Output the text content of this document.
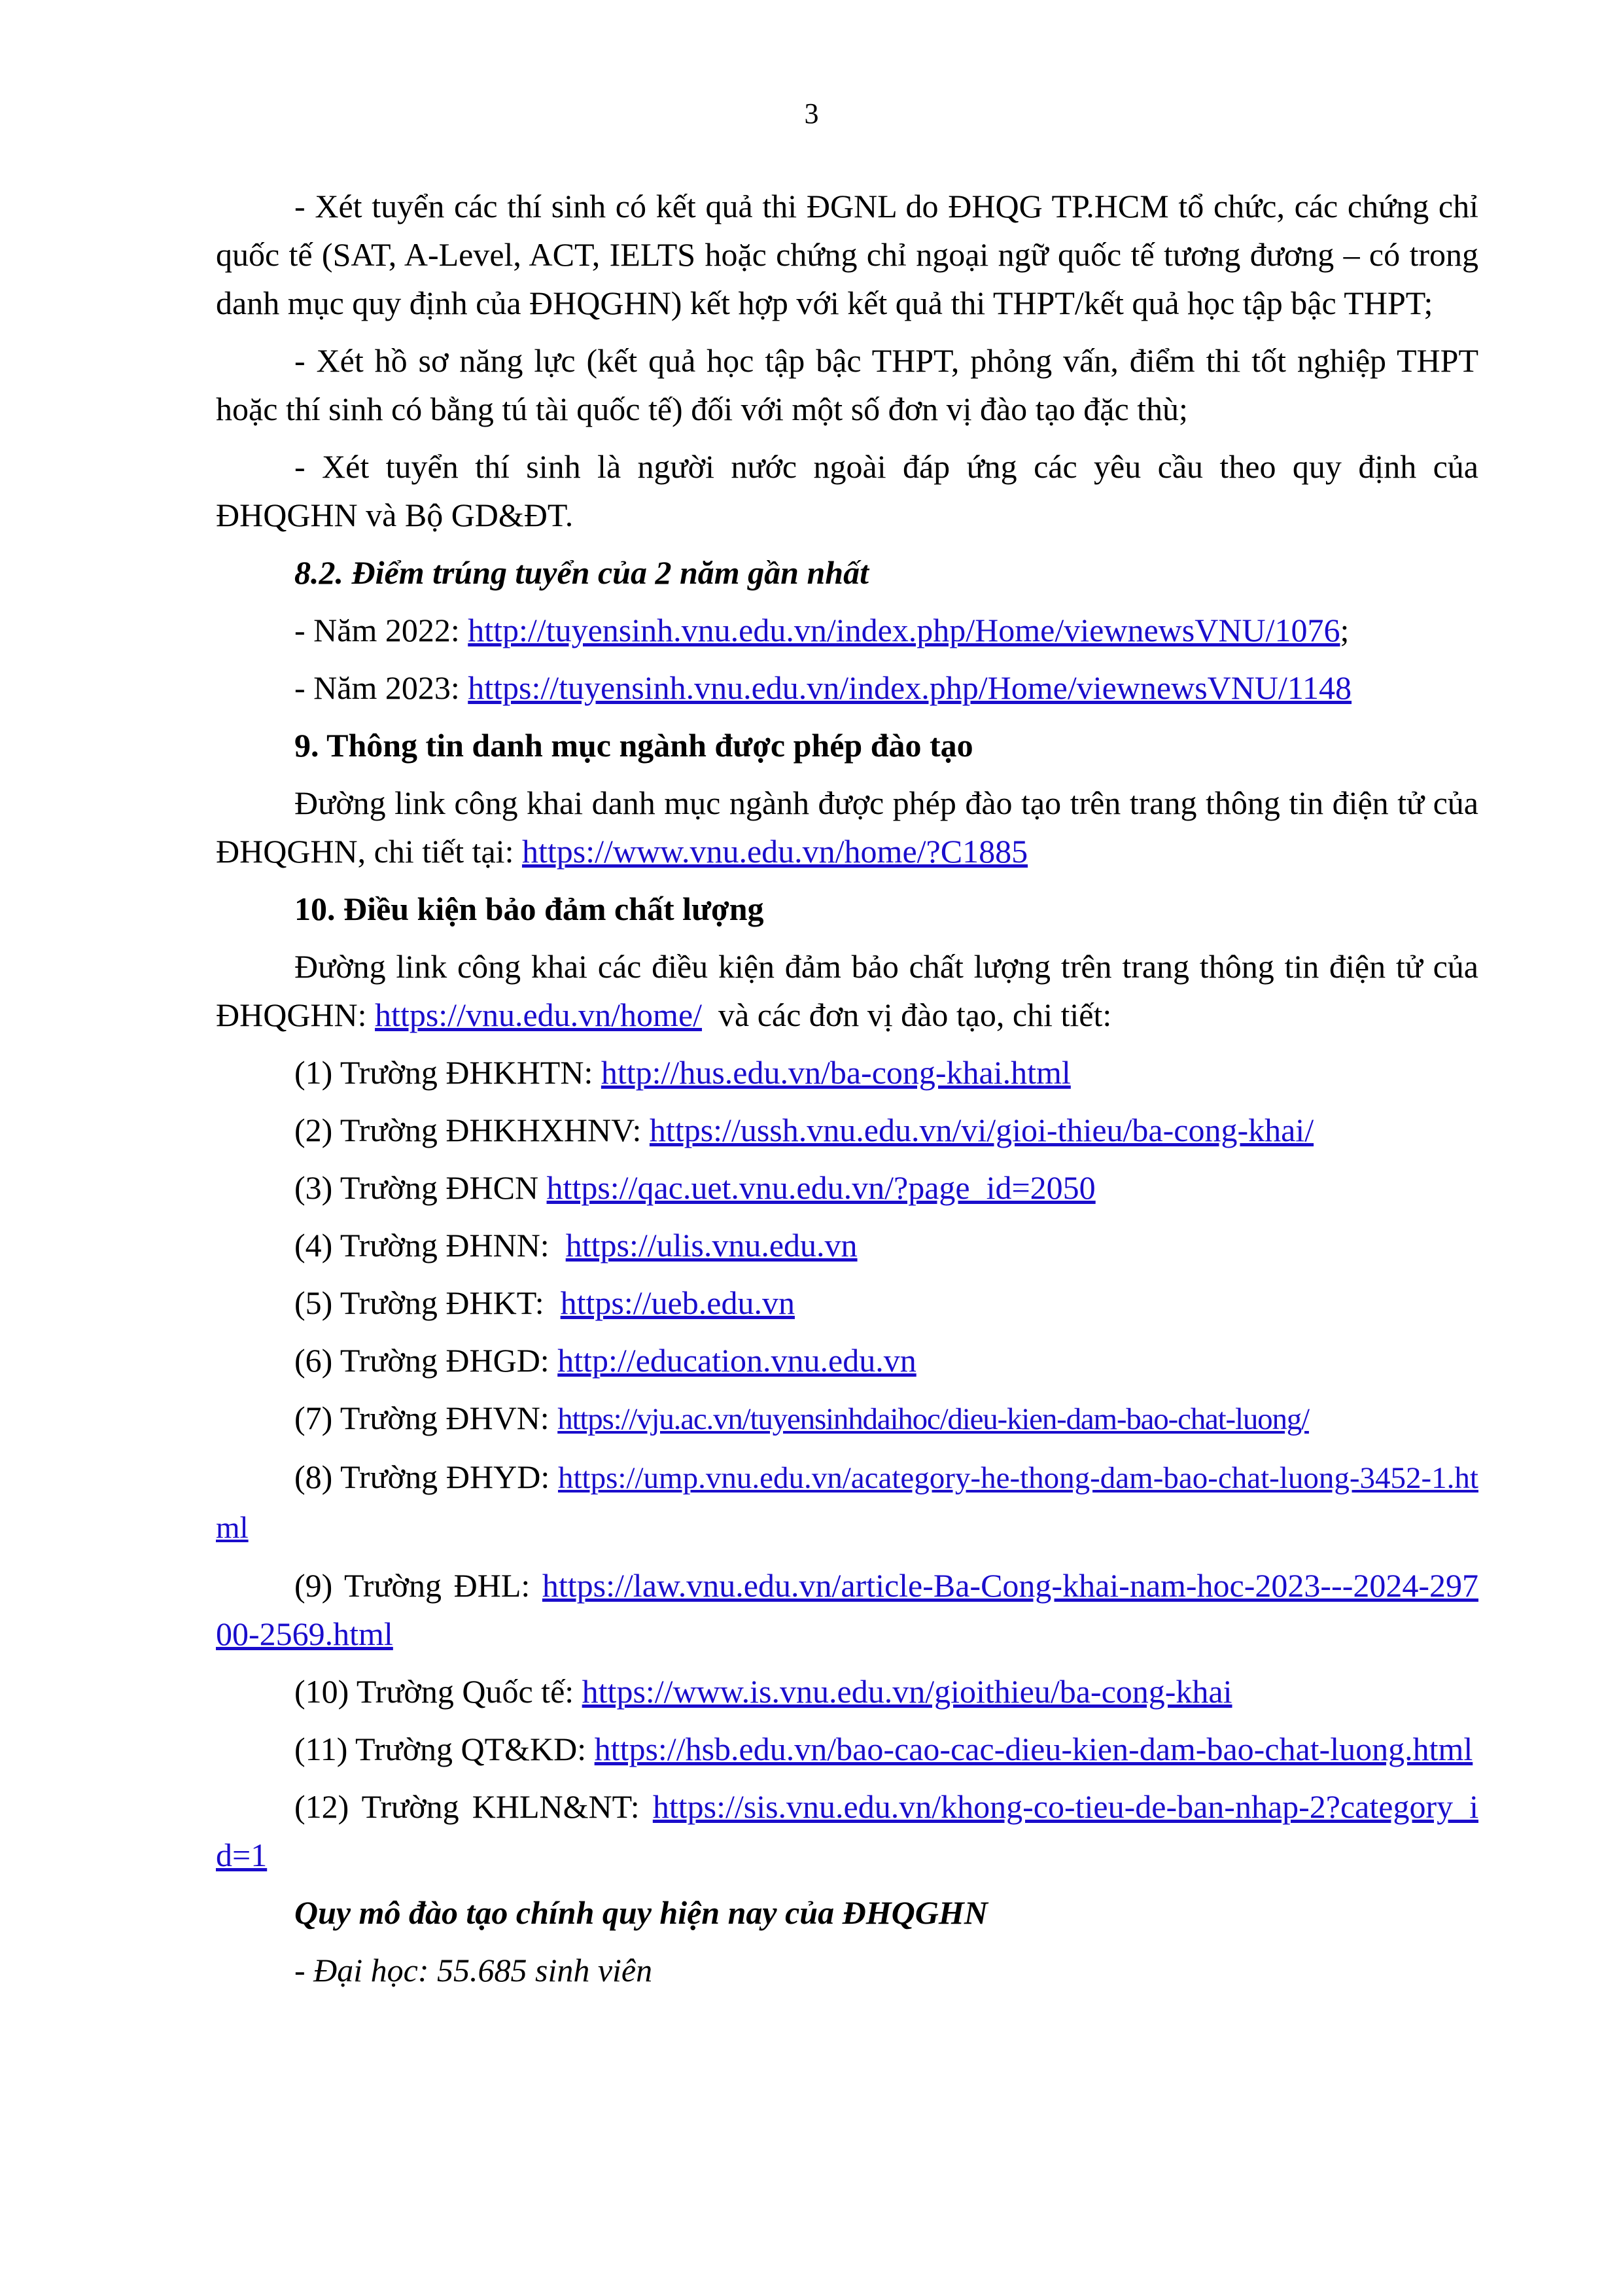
3

- Xét tuyển các thí sinh có kết quả thi ĐGNL do ĐHQG TP.HCM tổ chức, các chứng chỉ quốc tế (SAT, A-Level, ACT, IELTS hoặc chứng chỉ ngoại ngữ quốc tế tương đương – có trong danh mục quy định của ĐHQGHN) kết hợp với kết quả thi THPT/kết quả học tập bậc THPT;

- Xét hồ sơ năng lực (kết quả học tập bậc THPT, phỏng vấn, điểm thi tốt nghiệp THPT hoặc thí sinh có bằng tú tài quốc tế) đối với một số đơn vị đào tạo đặc thù;

- Xét tuyển thí sinh là người nước ngoài đáp ứng các yêu cầu theo quy định của ĐHQGHN và Bộ GD&ĐT.

8.2. Điểm trúng tuyển của 2 năm gần nhất

- Năm 2022: http://tuyensinh.vnu.edu.vn/index.php/Home/viewnewsVNU/1076;

- Năm 2023: https://tuyensinh.vnu.edu.vn/index.php/Home/viewnewsVNU/1148

9. Thông tin danh mục ngành được phép đào tạo

Đường link công khai danh mục ngành được phép đào tạo trên trang thông tin điện tử của ĐHQGHN, chi tiết tại: https://www.vnu.edu.vn/home/?C1885

10. Điều kiện bảo đảm chất lượng

Đường link công khai các điều kiện đảm bảo chất lượng trên trang thông tin điện tử của ĐHQGHN: https://vnu.edu.vn/home/  và các đơn vị đào tạo, chi tiết:

(1) Trường ĐHKHTN: http://hus.edu.vn/ba-cong-khai.html

(2) Trường ĐHKHXHNV: https://ussh.vnu.edu.vn/vi/gioi-thieu/ba-cong-khai/

(3) Trường ĐHCN https://qac.uet.vnu.edu.vn/?page_id=2050

(4) Trường ĐHNN:  https://ulis.vnu.edu.vn

(5) Trường ĐHKT:  https://ueb.edu.vn

(6) Trường ĐHGD: http://education.vnu.edu.vn

(7) Trường ĐHVN: https://vju.ac.vn/tuyensinhdaihoc/dieu-kien-dam-bao-chat-luong/

(8) Trường ĐHYD: https://ump.vnu.edu.vn/acategory-he-thong-dam-bao-chat-luong-3452-1.html

(9) Trường ĐHL: https://law.vnu.edu.vn/article-Ba-Cong-khai-nam-hoc-2023---2024-29700-2569.html

(10) Trường Quốc tế: https://www.is.vnu.edu.vn/gioithieu/ba-cong-khai

(11) Trường QT&KD: https://hsb.edu.vn/bao-cao-cac-dieu-kien-dam-bao-chat-luong.html

(12) Trường KHLN&NT: https://sis.vnu.edu.vn/khong-co-tieu-de-ban-nhap-2?category_id=1

Quy mô đào tạo chính quy hiện nay của ĐHQGHN

- Đại học: 55.685 sinh viên
